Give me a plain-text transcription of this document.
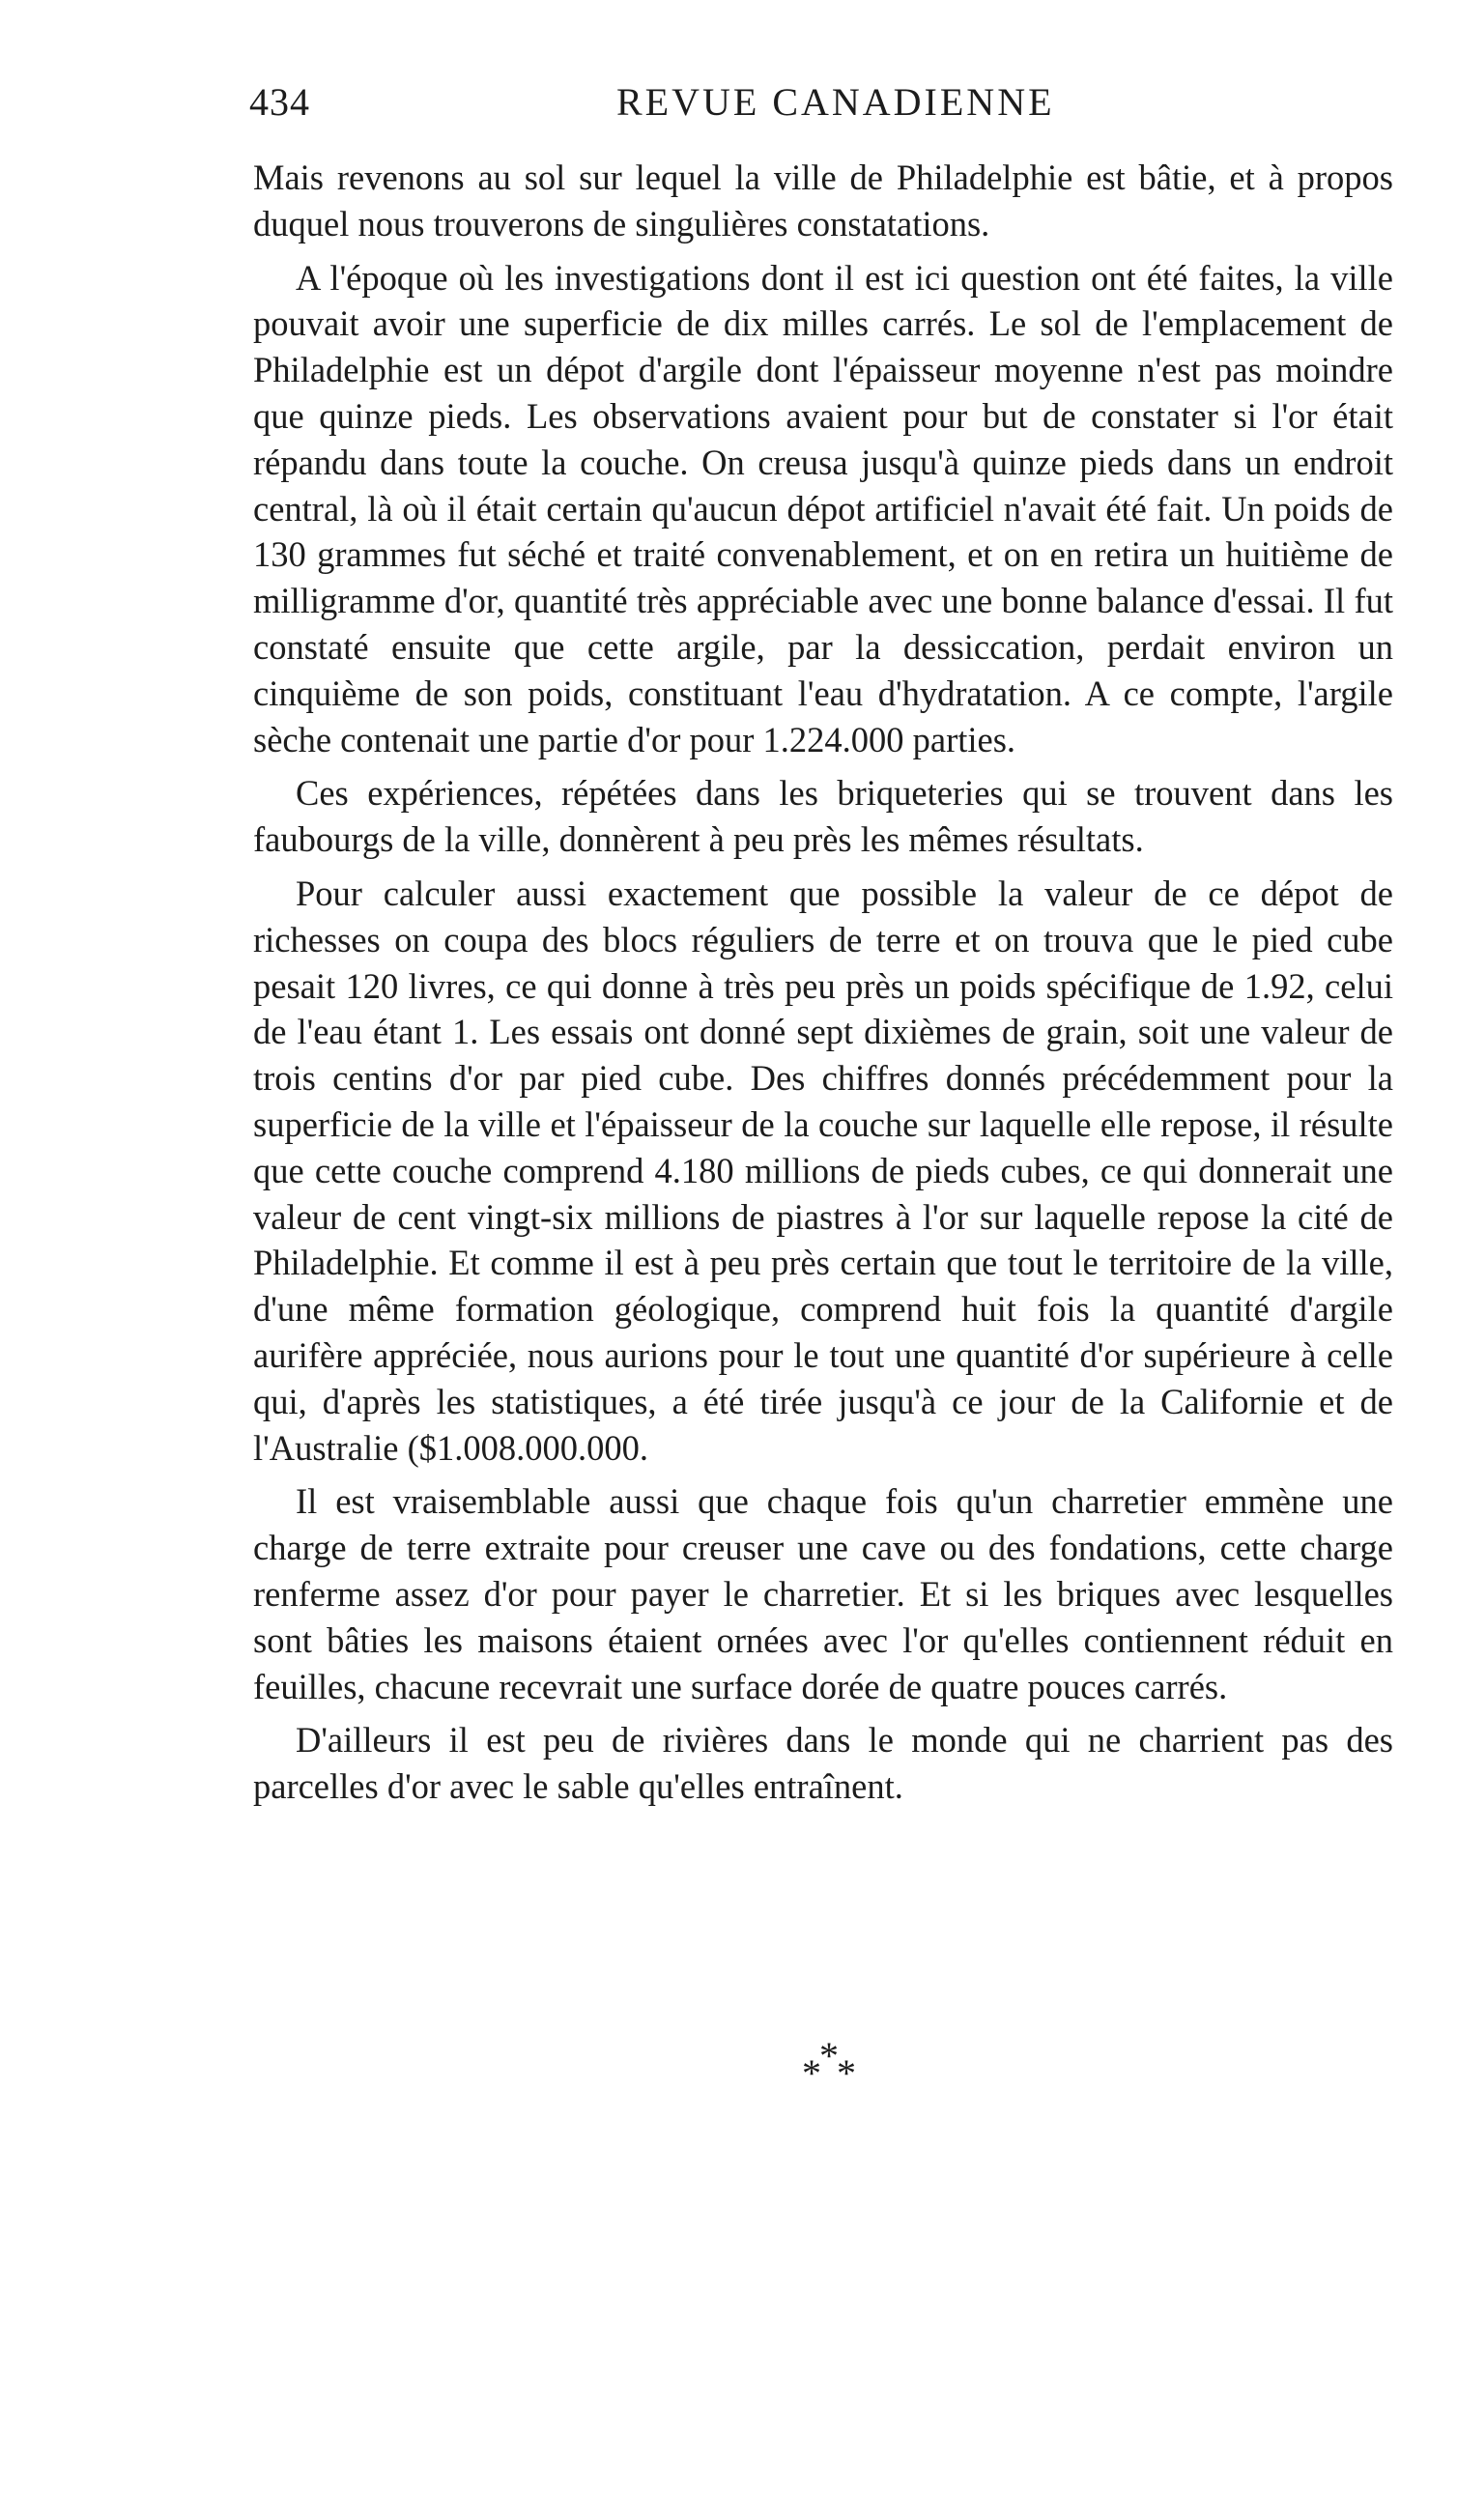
434	REVUE CANADIENNE

Mais revenons au sol sur lequel la ville de Philadelphie est bâtie, et à propos duquel nous trouverons de singulières constatations.

A l'époque où les investigations dont il est ici question ont été faites, la ville pouvait avoir une superficie de dix milles carrés. Le sol de l'emplacement de Philadelphie est un dépot d'argile dont l'épaisseur moyenne n'est pas moindre que quinze pieds. Les observations avaient pour but de constater si l'or était répandu dans toute la couche. On creusa jusqu'à quinze pieds dans un endroit central, là où il était certain qu'aucun dépot artificiel n'avait été fait. Un poids de 130 grammes fut séché et traité convenablement, et on en retira un huitième de milligramme d'or, quantité très appréciable avec une bonne balance d'essai. Il fut constaté ensuite que cette argile, par la dessiccation, perdait environ un cinquième de son poids, constituant l'eau d'hydratation. A ce compte, l'argile sèche contenait une partie d'or pour 1.224.000 parties.

Ces expériences, répétées dans les briqueteries qui se trouvent dans les faubourgs de la ville, donnèrent à peu près les mêmes résultats.

Pour calculer aussi exactement que possible la valeur de ce dépot de richesses on coupa des blocs réguliers de terre et on trouva que le pied cube pesait 120 livres, ce qui donne à très peu près un poids spécifique de 1.92, celui de l'eau étant 1. Les essais ont donné sept dixièmes de grain, soit une valeur de trois centins d'or par pied cube. Des chiffres donnés précédemment pour la superficie de la ville et l'épaisseur de la couche sur laquelle elle repose, il résulte que cette couche comprend 4.180 millions de pieds cubes, ce qui donnerait une valeur de cent vingt-six millions de piastres à l'or sur laquelle repose la cité de Philadelphie. Et comme il est à peu près certain que tout le territoire de la ville, d'une même formation géologique, comprend huit fois la quantité d'argile aurifère appréciée, nous aurions pour le tout une quantité d'or supérieure à celle qui, d'après les statistiques, a été tirée jusqu'à ce jour de la Californie et de l'Australie ($1.008.000.000.

Il est vraisemblable aussi que chaque fois qu'un charretier emmène une charge de terre extraite pour creuser une cave ou des fondations, cette charge renferme assez d'or pour payer le charretier. Et si les briques avec lesquelles sont bâties les maisons étaient ornées avec l'or qu'elles contiennent réduit en feuilles, chacune recevrait une surface dorée de quatre pouces carrés.

D'ailleurs il est peu de rivières dans le monde qui ne charrient pas des parcelles d'or avec le sable qu'elles entraînent.

*
*
*
